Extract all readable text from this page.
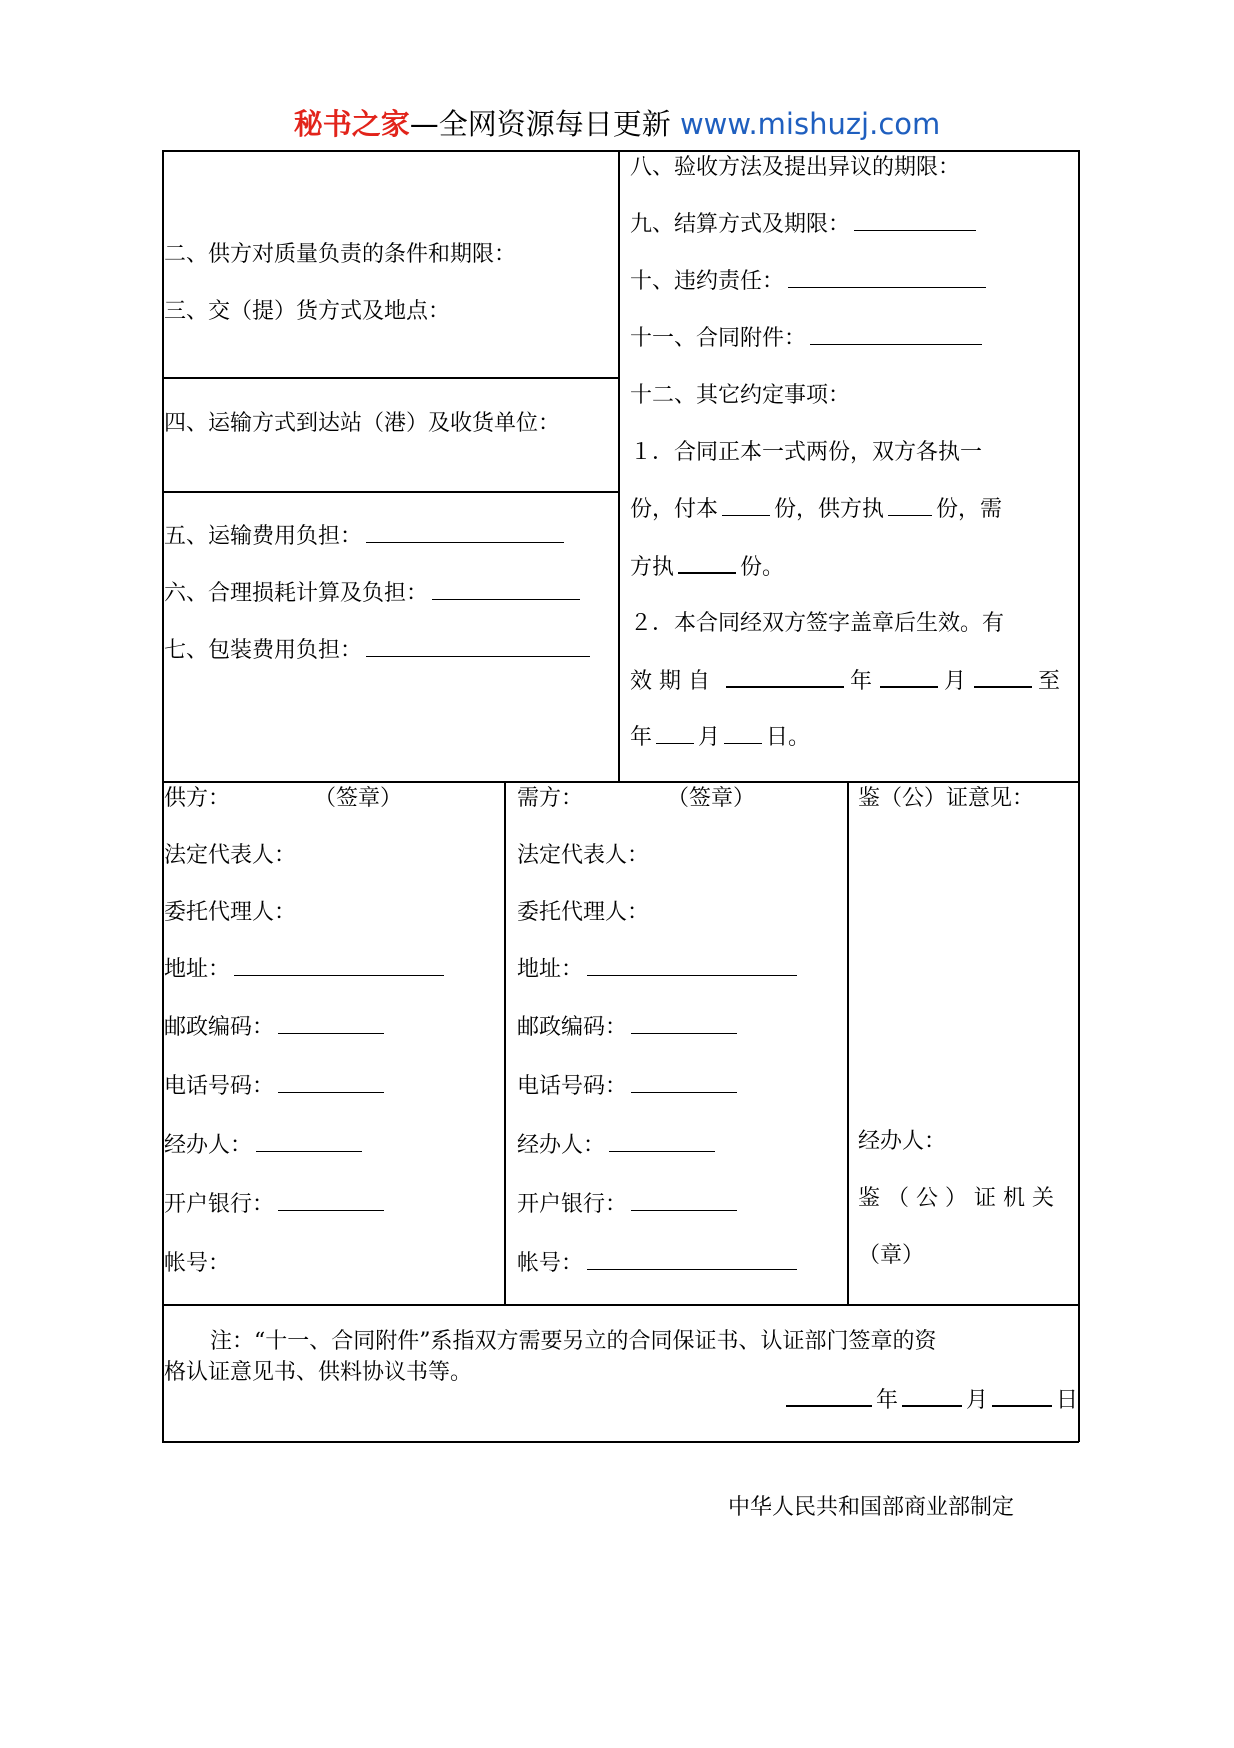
秘书之家—全网资源每日更新 www.mishuzj.com
二、供方对质量负责的条件和期限：
三、交（提）货方式及地点：
四、运输方式到达站（港）及收货单位：
五、运输费用负担：
六、合理损耗计算及负担：
七、包装费用负担：
八、验收方法及提出异议的期限：
九、结算方式及期限：
十、违约责任：
十一、合同附件：
十二、其它约定事项：
１．合同正本一式两份，双方各执一
份，付本	份，供方执 份，需
方执	份。
２．本合同经双方签字盖章后生效。有
效 期 自	年	月	至
年 月 日。
供方：	（签章）
法定代表人：
委托代理人：
地址：
邮政编码：
电话号码：
经办人：
开户银行：
帐号：
需方：	（签章）
法定代表人：
委托代理人：
地址：
邮政编码：
电话号码：
经办人：
开户银行：
帐号：
鉴（公）证意见：
经办人：
鉴 （ 公 ） 证 机 关
（章）
注：“十一、合同附件”系指双方需要另立的合同保证书、认证部门签章的资
格认证意见书、供料协议书等。
年	月	日
中华人民共和国部商业部制定
